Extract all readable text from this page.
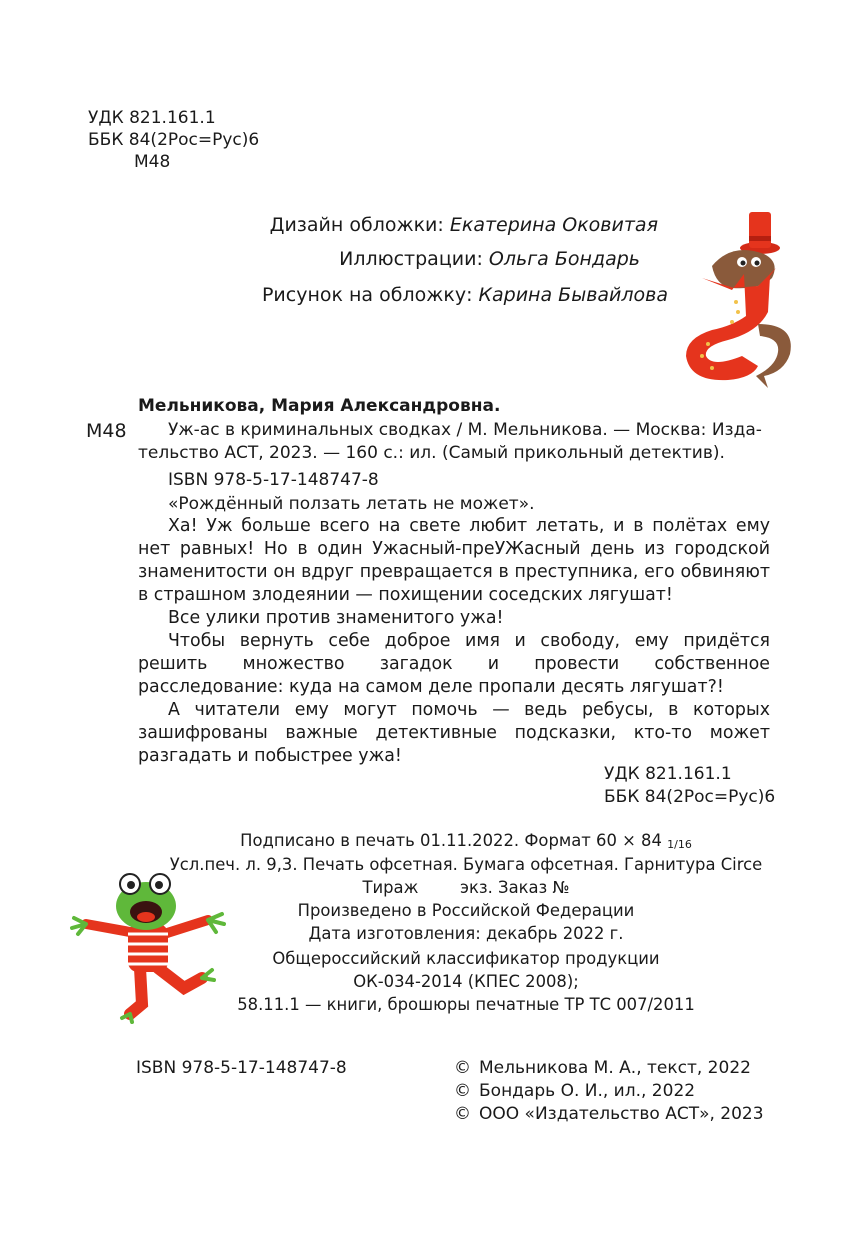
УДК 821.161.1
ББК 84(2Рос=Рус)6
М48
Дизайн обложки: Екатерина Оковитая
Иллюстрации: Ольга Бондарь
Рисунок на обложку: Карина Бывайлова
Мельникова, Мария Александровна.
М48 Уж-ас в криминальных сводках / М. Мельникова. — Москва: Изда-
тельство АСТ, 2023. — 160 с.: ил. (Самый прикольный детектив).
ISBN 978-5-17-148747-8
«Рождённый ползать летать не может».
Ха! Уж больше всего на свете любит летать, и в полётах ему нет равных! Но в один Ужасный-преУЖасный день из городской знаменитости он вдруг превращается в преступника, его обвиняют в страшном злодеянии — похищении соседских лягушат!
Все улики против знаменитого ужа!
Чтобы вернуть себе доброе имя и свободу, ему придётся решить множество загадок и провести собственное расследование: куда на самом деле пропали десять лягушат?!
А читатели ему могут помочь — ведь ребусы, в которых зашифрованы важные детективные подсказки, кто-то может разгадать и побыстрее ужа!
УДК 821.161.1
ББК 84(2Рос=Рус)6
Подписано в печать 01.11.2022. Формат 60 × 84 1/16
Усл.печ. л. 9,3. Печать офсетная. Бумага офсетная. Гарнитура Circe
Тираж        экз. Заказ №
Произведено в Российской Федерации
Дата изготовления: декабрь 2022 г.
Общероссийский классификатор продукции
ОК-034-2014 (КПЕС 2008);
58.11.1 — книги, брошюры печатные ТР ТС 007/2011
ISBN 978-5-17-148747-8	© Мельникова М. А., текст, 2022
© Бондарь О. И., ил., 2022
© ООО «Издательство АСТ», 2023
